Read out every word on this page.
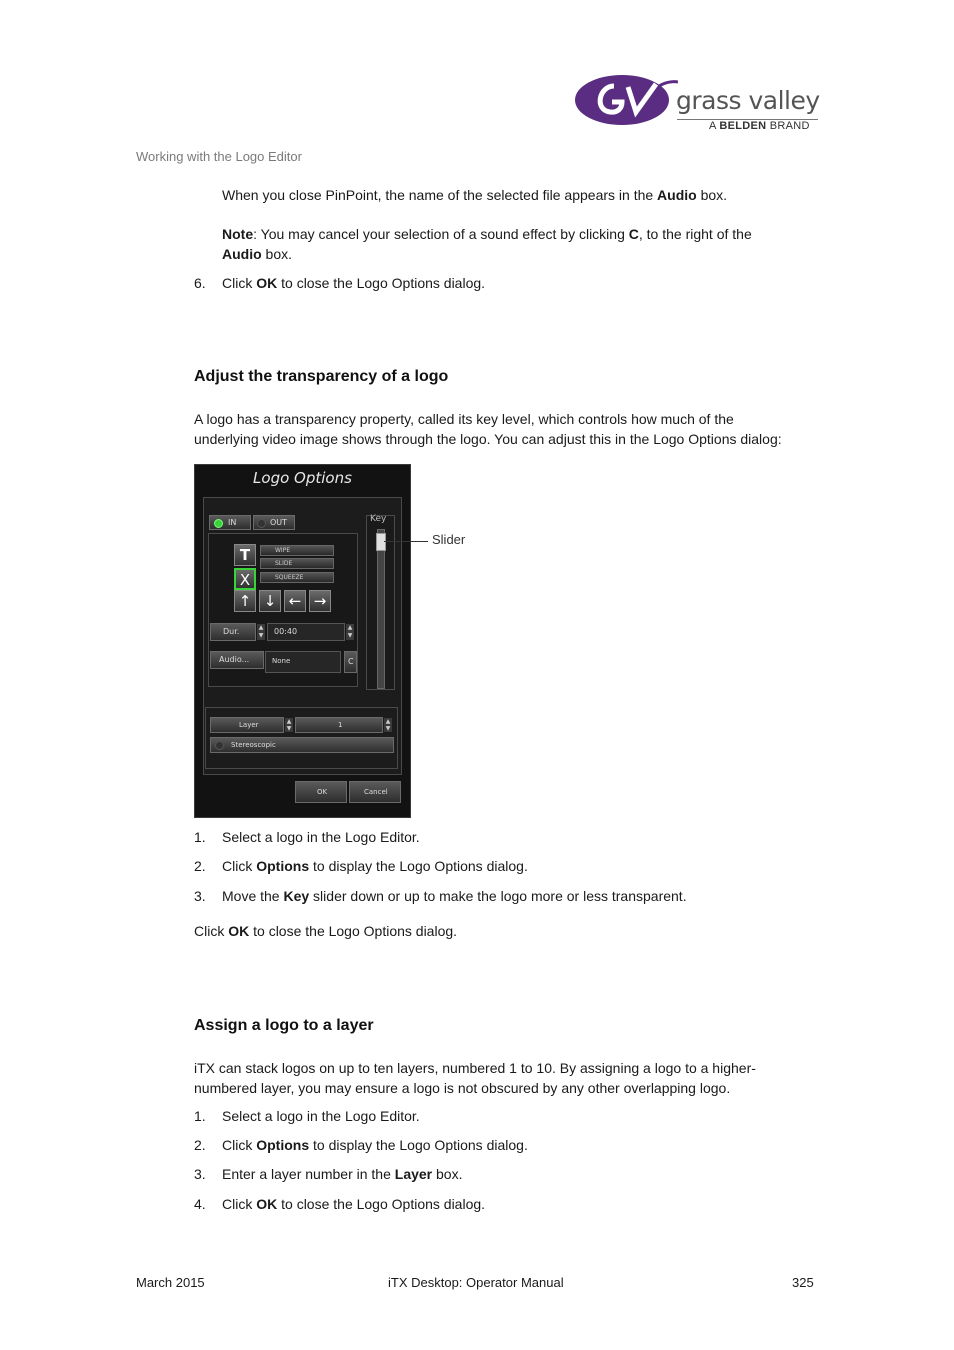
grass valley
A BELDEN BRAND
Working with the Logo Editor
When you close PinPoint, the name of the selected file appears in the Audio box.
Note: You may cancel your selection of a sound effect by clicking C, to the right of the
Audio box.
6. Click OK to close the Logo Options dialog.
Adjust the transparency of a logo
A logo has a transparency property, called its key level, which controls how much of the
underlying video image shows through the logo. You can adjust this in the Logo Options dialog:
Logo Options
IN	OUT
T
X
WIPE
SLIDE
SQUEEZE
↑ ↓ ← →
Dur.	▲
▼	00:40	▲
▼
Audio...	None	C
Key
Layer	▲
▼	1	▲
▼
Stereoscopic
OK	Cancel
Slider
1. Select a logo in the Logo Editor.
2. Click Options to display the Logo Options dialog.
3. Move the Key slider down or up to make the logo more or less transparent.
Click OK to close the Logo Options dialog.
Assign a logo to a layer
iTX can stack logos on up to ten layers, numbered 1 to 10. By assigning a logo to a higher-
numbered layer, you may ensure a logo is not obscured by any other overlapping logo.
1. Select a logo in the Logo Editor.
2. Click Options to display the Logo Options dialog.
3. Enter a layer number in the Layer box.
4. Click OK to close the Logo Options dialog.
March 2015	iTX Desktop: Operator Manual	325
